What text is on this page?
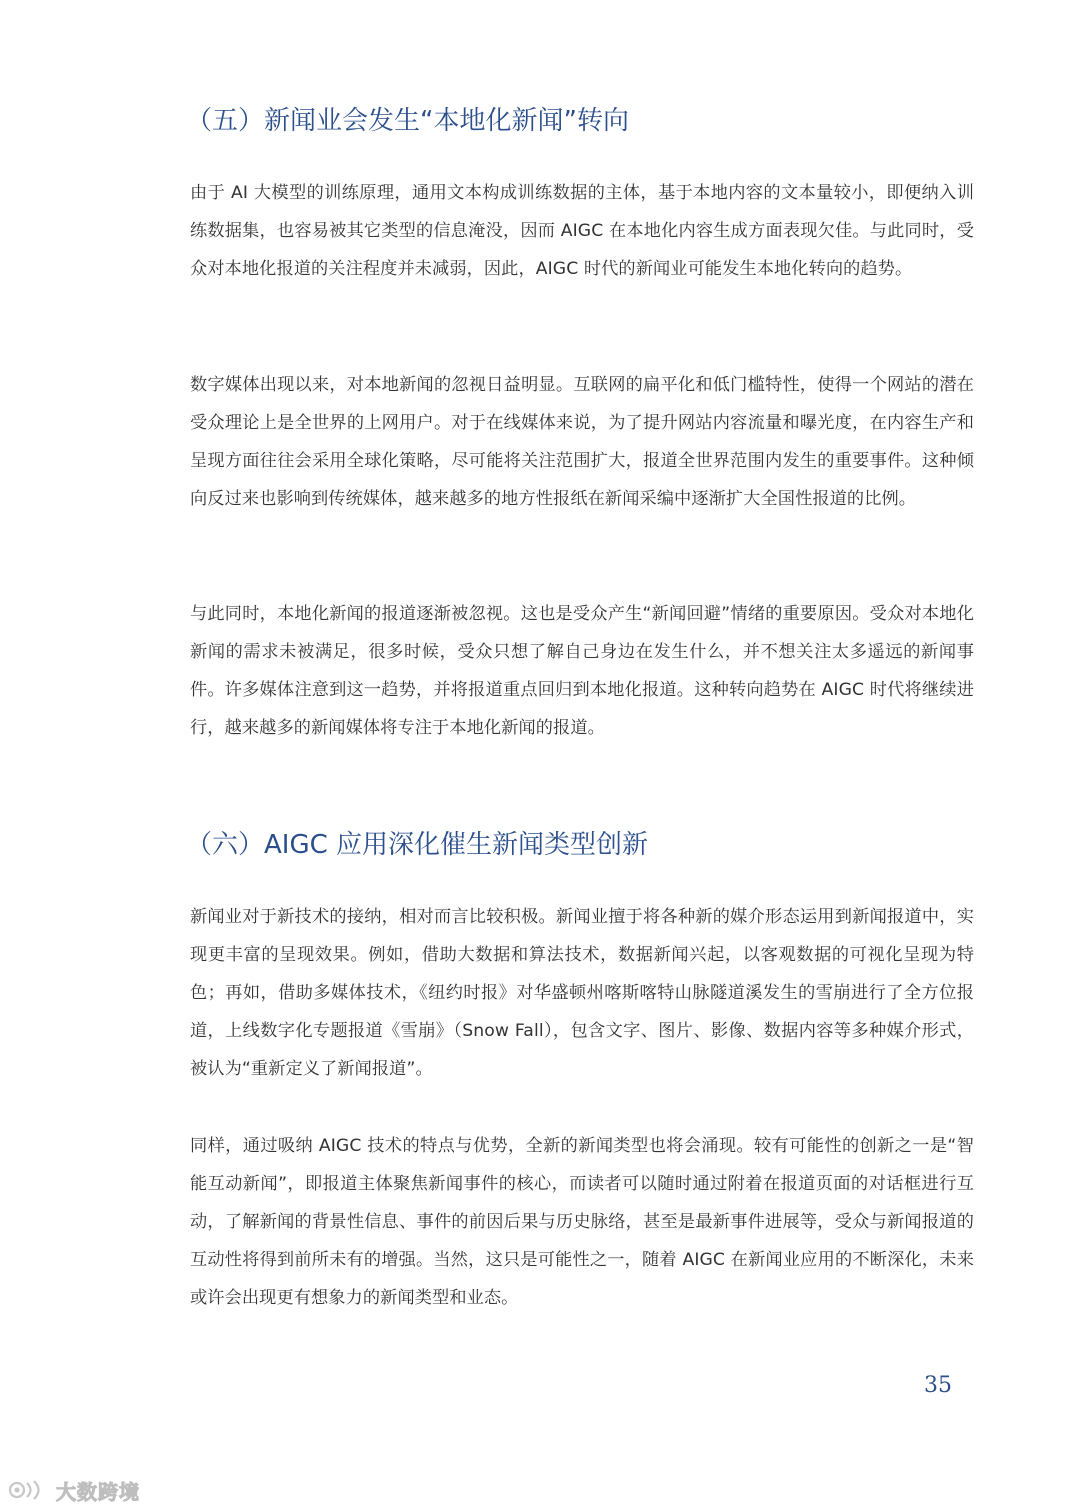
（五）新闻业会发生“本地化新闻”转向

由于 AI 大模型的训练原理，通用文本构成训练数据的主体，基于本地内容的文本量较小，即便纳入训练数据集，也容易被其它类型的信息淹没，因而 AIGC 在本地化内容生成方面表现欠佳。与此同时，受众对本地化报道的关注程度并未减弱，因此，AIGC 时代的新闻业可能发生本地化转向的趋势。

数字媒体出现以来，对本地新闻的忽视日益明显。互联网的扁平化和低门槛特性，使得一个网站的潜在受众理论上是全世界的上网用户。对于在线媒体来说，为了提升网站内容流量和曝光度，在内容生产和呈现方面往往会采用全球化策略，尽可能将关注范围扩大，报道全世界范围内发生的重要事件。这种倾向反过来也影响到传统媒体，越来越多的地方性报纸在新闻采编中逐渐扩大全国性报道的比例。

与此同时，本地化新闻的报道逐渐被忽视。这也是受众产生“新闻回避”情绪的重要原因。受众对本地化新闻的需求未被满足，很多时候，受众只想了解自己身边在发生什么，并不想关注太多遥远的新闻事件。许多媒体注意到这一趋势，并将报道重点回归到本地化报道。这种转向趋势在 AIGC 时代将继续进行，越来越多的新闻媒体将专注于本地化新闻的报道。

（六）AIGC 应用深化催生新闻类型创新

新闻业对于新技术的接纳，相对而言比较积极。新闻业擅于将各种新的媒介形态运用到新闻报道中，实现更丰富的呈现效果。例如，借助大数据和算法技术，数据新闻兴起，以客观数据的可视化呈现为特色；再如，借助多媒体技术，《纽约时报》对华盛顿州喀斯喀特山脉隧道溪发生的雪崩进行了全方位报道，上线数字化专题报道《雪崩》（Snow Fall），包含文字、图片、影像、数据内容等多种媒介形式，被认为“重新定义了新闻报道”。

同样，通过吸纳 AIGC 技术的特点与优势，全新的新闻类型也将会涌现。较有可能性的创新之一是“智能互动新闻”，即报道主体聚焦新闻事件的核心，而读者可以随时通过附着在报道页面的对话框进行互动，了解新闻的背景性信息、事件的前因后果与历史脉络，甚至是最新事件进展等，受众与新闻报道的互动性将得到前所未有的增强。当然，这只是可能性之一，随着 AIGC 在新闻业应用的不断深化，未来或许会出现更有想象力的新闻类型和业态。

35
大数跨境
